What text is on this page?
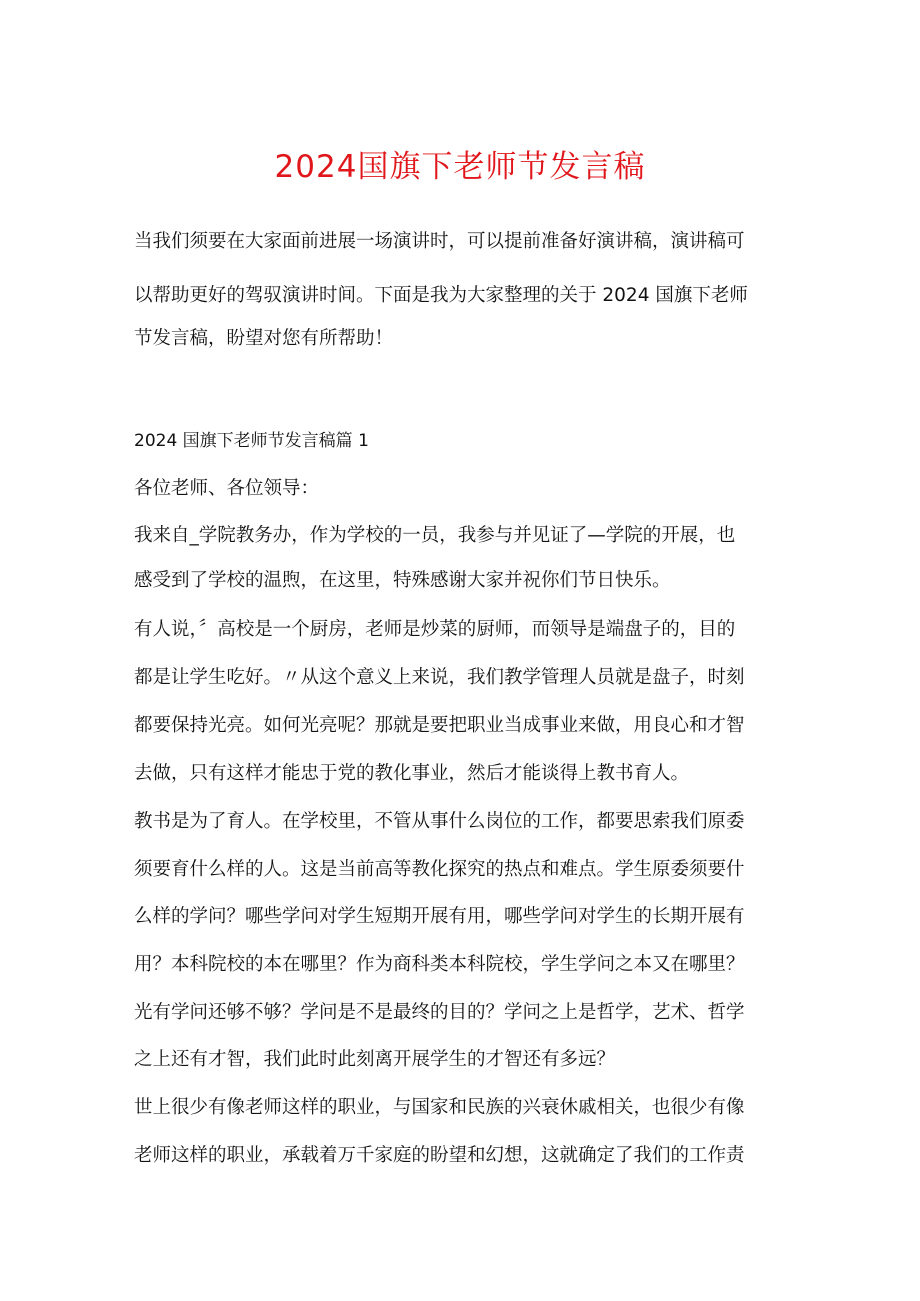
2024国旗下老师节发言稿
当我们须要在大家面前进展一场演讲时，可以提前准备好演讲稿，演讲稿可
以帮助更好的驾驭演讲时间。下面是我为大家整理的关于 2024 国旗下老师
节发言稿，盼望对您有所帮助！
2024 国旗下老师节发言稿篇 1
各位老师、各位领导：
我来自_学院教务办，作为学校的一员，我参与并见证了—学院的开展，也
感受到了学校的温煦，在这里，特殊感谢大家并祝你们节日快乐。
有人说，〞高校是一个厨房，老师是炒菜的厨师，而领导是端盘子的，目的
都是让学生吃好。〃从这个意义上来说，我们教学管理人员就是盘子，时刻
都要保持光亮。如何光亮呢？那就是要把职业当成事业来做，用良心和才智
去做，只有这样才能忠于党的教化事业，然后才能谈得上教书育人。
教书是为了育人。在学校里，不管从事什么岗位的工作，都要思索我们原委
须要育什么样的人。这是当前高等教化探究的热点和难点。学生原委须要什
么样的学问？哪些学问对学生短期开展有用，哪些学问对学生的长期开展有
用？本科院校的本在哪里？作为商科类本科院校，学生学问之本又在哪里？
光有学问还够不够？学问是不是最终的目的？学问之上是哲学，艺术、哲学
之上还有才智，我们此时此刻离开展学生的才智还有多远？
世上很少有像老师这样的职业，与国家和民族的兴衰休戚相关，也很少有像
老师这样的职业，承载着万千家庭的盼望和幻想，这就确定了我们的工作责
